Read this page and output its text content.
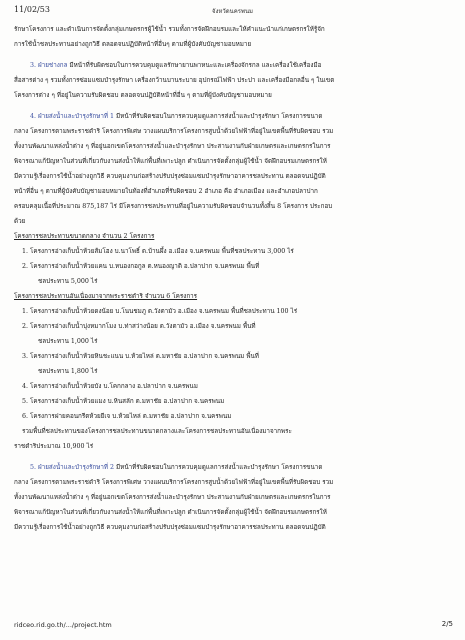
11/02/53	จังหวัดนครพนม
รักษาโครงการ และดำเนินการจัดตั้งกลุ่มเกษตรกรผู้ใช้น้ำ รวมทั้งการจัดฝึกอบรมและให้คำแนะนำแก่เกษตรกรให้รู้จัก
การใช้น้ำชลประทานอย่างถูกวิธี ตลอดจนปฏิบัติหน้าที่อื่นๆ ตามที่ผู้บังคับบัญชามอบหมาย
3. ฝ่ายช่างกล มีหน้าที่รับผิดชอบในการควบคุมดูแลรักษายานพาหนะและเครื่องจักรกล และเครื่องใช้เครื่องมือ
สื่อสารต่าง ๆ รวมทั้งการซ่อมแซมบำรุงรักษา เครื่องกว้านบานระบาย อุปกรณ์ไฟฟ้า ประปา และเครื่องมือกลอื่น ๆ ในเขต
โครงการต่าง ๆ ที่อยู่ในความรับผิดชอบ ตลอดจนปฏิบัติหน้าที่อื่น ๆ ตามที่ผู้บังคับบัญชามอบหมาย
4. ฝ่ายส่งน้ำและบำรุงรักษาที่ 1 มีหน้าที่รับผิดชอบในการควบคุมดูแลการส่งน้ำและบำรุงรักษา โครงการขนาด
กลาง โครงการตามพระราชดำริ โครงการพิเศษ วางแผนบริการโครงการสูบน้ำด้วยไฟฟ้าที่อยู่ในเขตพื้นที่รับผิดชอบ รวม
ทั้งงานพัฒนาแหล่งน้ำต่าง ๆ ที่อยู่นอกเขตโครงการส่งน้ำและบำรุงรักษา ประสานงานกับฝ่ายเกษตรและเกษตรกรในการ
พิจารณาแก้ปัญหาในส่วนที่เกี่ยวกับงานส่งน้ำให้แก่พื้นที่เพาะปลูก ดำเนินการจัดตั้งกลุ่มผู้ใช้น้ำ จัดฝึกอบรมเกษตรกรให้
มีความรู้เรื่องการใช้น้ำอย่างถูกวิธี ควบคุมงานก่อสร้างปรับปรุงซ่อมแซมบำรุงรักษาอาคารชลประทาน ตลอดจนปฏิบัติ
หน้าที่อื่น ๆ ตามที่ผู้บังคับบัญชามอบหมายในท้องที่อำเภอที่รับผิดชอบ 2 อำเภอ คือ อำเภอเมือง และอำเภอปลาปาก
ครอบคลุมเนื้อที่ประมาณ 875,187 ไร่ มีโครงการชลประทานที่อยู่ในความรับผิดชอบจำนวนทั้งสิ้น 8 โครงการ ประกอบ
ด้วย
โครงการชลประทานขนาดกลาง จำนวน 2 โครงการ
1. โครงการอ่างเก็บน้ำห้วยส้มโฮง บ.นาโพธิ์ ต.บ้านผึ้ง อ.เมือง จ.นครพนม พื้นที่ชลประทาน 3,000 ไร่
2. โครงการอ่างเก็บน้ำห้วยแคน บ.หนองกอกูล ต.หนองญาติ อ.ปลาปาก จ.นครพนม พื้นที่
ชลประทาน 5,000 ไร่
โครงการชลประทานอันเนื่องมาจากพระราชดำริ จำนวน 6 โครงการ
1. โครงการอ่างเก็บน้ำห้วยดงน้อย บ.โนนชมภู ต.วังตามัว อ.เมือง จ.นครพนม พื้นที่ชลประทาน 100 ไร่
2. โครงการอ่างเก็บน้ำบุ่งหมากโมง บ.ท่าสว่างน้อย ต.วังตามัว อ.เมือง จ.นครพนม พื้นที่
ชลประทาน 1,000 ไร่
3. โครงการอ่างเก็บน้ำห้วยหินชะแนน บ.ห้วยไหล่ ต.มหาชัย อ.ปลาปาก จ.นครพนม พื้นที่
ชลประทาน 1,800 ไร่
4. โครงการอ่างเก็บน้ำห้วยบัง บ.โคกกลาง อ.ปลาปาก จ.นครพนม
5. โครงการอ่างเก็บน้ำห้วยแมง บ.หินสลัก ต.มหาชัย อ.ปลาปาก จ.นครพนม
6. โครงการฝายคอนกรีตห้วยยีเจ บ.ห้วยไหล่ ต.มหาชัย อ.ปลาปาก จ.นครพนม
รวมพื้นที่ชลประทานของโครงการชลประทานขนาดกลางและโครงการชลประทานอันเนื่องมาจากพระ
ราชดำริประมาณ 10,900 ไร่
5. ฝ่ายส่งน้ำและบำรุงรักษาที่ 2 มีหน้าที่รับผิดชอบในการควบคุมดูแลการส่งน้ำและบำรุงรักษา โครงการขนาด
กลาง โครงการตามพระราชดำริ โครงการพิเศษ วางแผนบริการโครงการสูบน้ำด้วยไฟฟ้าที่อยู่ในเขตพื้นที่รับผิดชอบ รวม
ทั้งงานพัฒนาแหล่งน้ำต่าง ๆ ที่อยู่นอกเขตโครงการส่งน้ำและบำรุงรักษา ประสานงานกับฝ่ายเกษตรและเกษตรกรในการ
พิจารณาแก้ปัญหาในส่วนที่เกี่ยวกับงานส่งน้ำให้แก่พื้นที่เพาะปลูก ดำเนินการจัดตั้งกลุ่มผู้ใช้น้ำ จัดฝึกอบรมเกษตรกรให้
มีความรู้เรื่องการใช้น้ำอย่างถูกวิธี ควบคุมงานก่อสร้างปรับปรุงซ่อมแซมบำรุงรักษาอาคารชลประทาน ตลอดจนปฏิบัติ
ridceo.rid.go.th/.../project.htm	2/5
